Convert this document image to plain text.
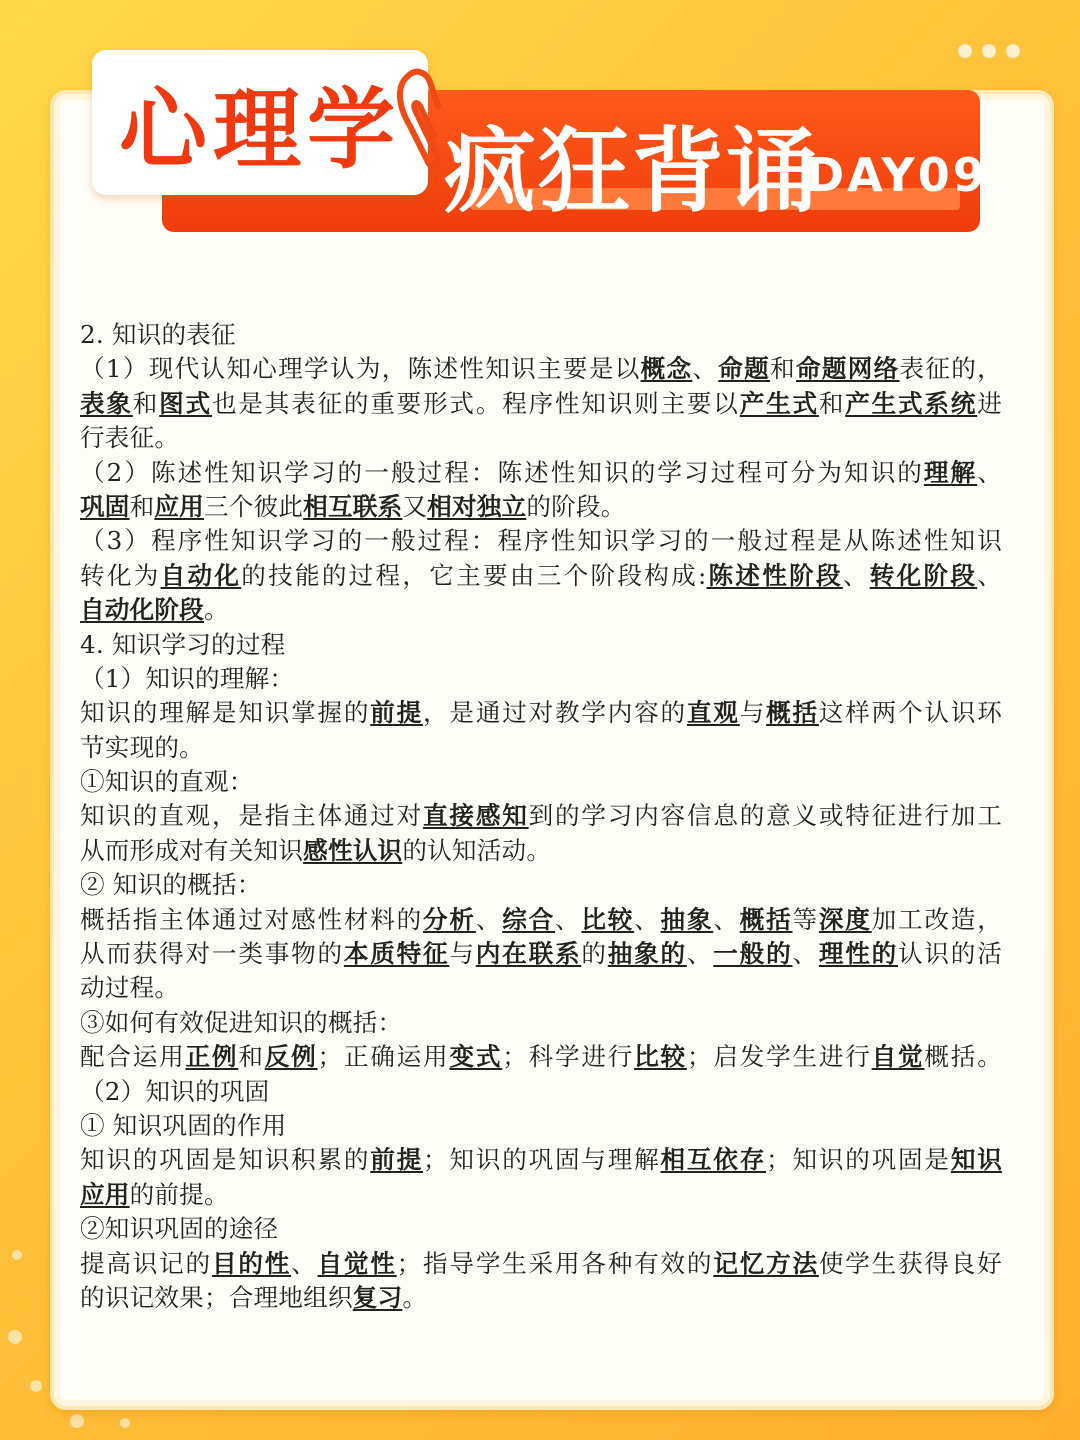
疯狂背诵
DAY09
心理学
2. 知识的表征
（1）现代认知心理学认为，陈述性知识主要是以概念、命题和命题网络表征的，
表象和图式也是其表征的重要形式。程序性知识则主要以产生式和产生式系统进
行表征。
（2）陈述性知识学习的一般过程：陈述性知识的学习过程可分为知识的理解、
巩固和应用三个彼此相互联系又相对独立的阶段。
（3）程序性知识学习的一般过程：程序性知识学习的一般过程是从陈述性知识
转化为自动化的技能的过程，它主要由三个阶段构成:陈述性阶段、转化阶段、
自动化阶段。
4. 知识学习的过程
（1）知识的理解：
知识的理解是知识掌握的前提，是通过对教学内容的直观与概括这样两个认识环
节实现的。
①知识的直观：
知识的直观，是指主体通过对直接感知到的学习内容信息的意义或特征进行加工
从而形成对有关知识感性认识的认知活动。
② 知识的概括：
概括指主体通过对感性材料的分析、综合、比较、抽象、概括等深度加工改造，
从而获得对一类事物的本质特征与内在联系的抽象的、一般的、理性的认识的活
动过程。
③如何有效促进知识的概括：
配合运用正例和反例；正确运用变式；科学进行比较；启发学生进行自觉概括。
（2）知识的巩固
① 知识巩固的作用
知识的巩固是知识积累的前提；知识的巩固与理解相互依存；知识的巩固是知识
应用的前提。
②知识巩固的途径
提高识记的目的性、自觉性；指导学生采用各种有效的记忆方法使学生获得良好
的识记效果；合理地组织复习。
